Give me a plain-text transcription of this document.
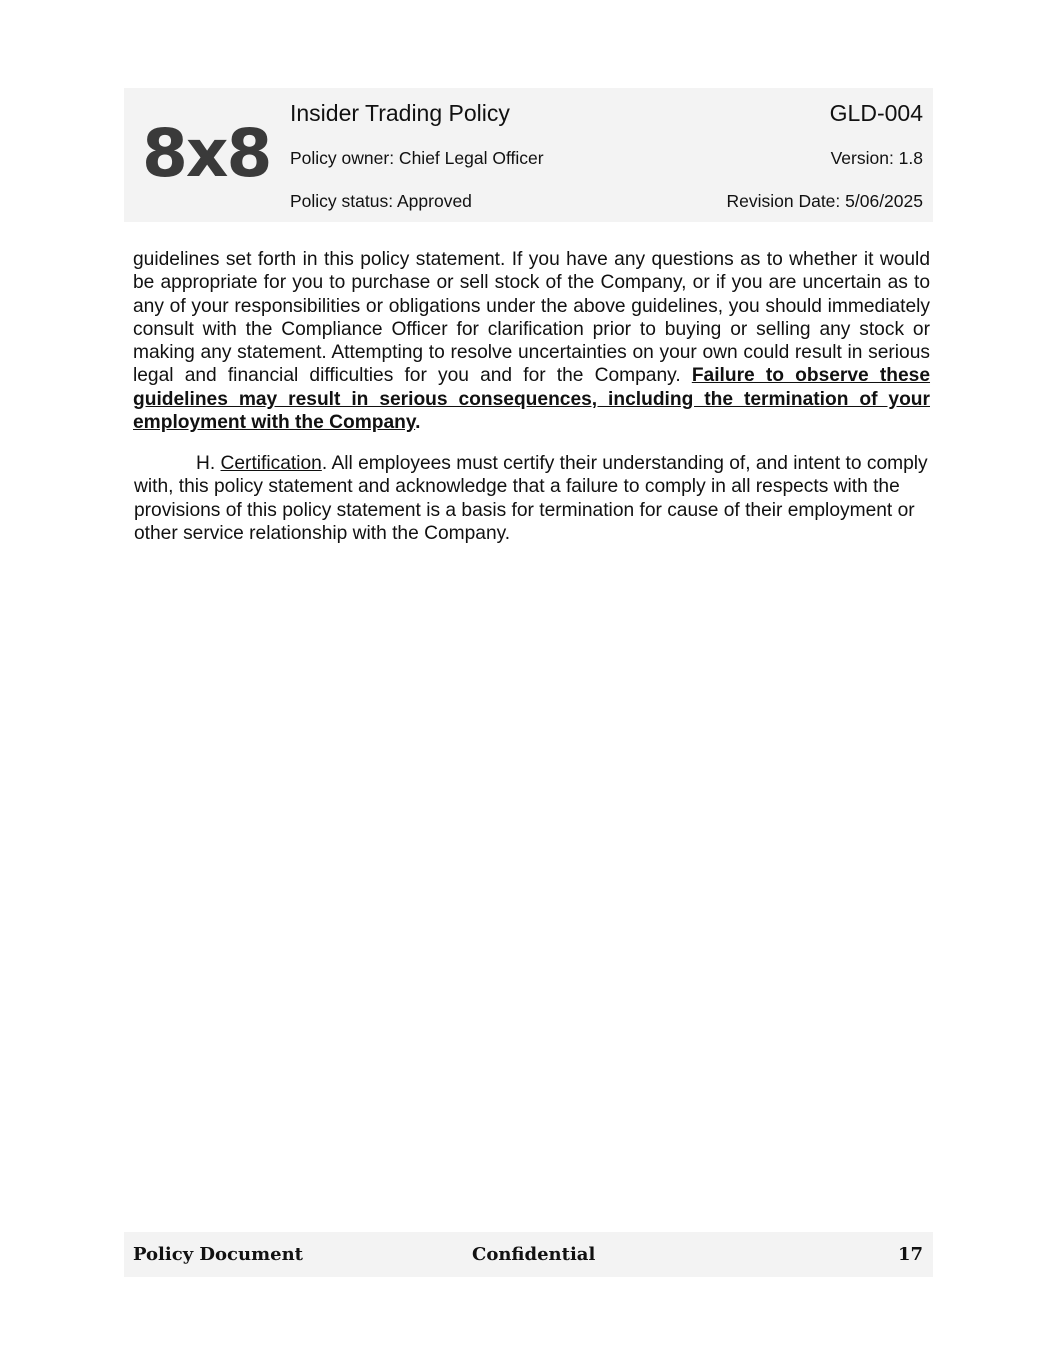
8x8
Insider Trading Policy	GLD-004
Policy owner: Chief Legal Officer	Version: 1.8
Policy status: Approved	Revision Date: 5/06/2025
guidelines set forth in this policy statement. If you have any questions as to whether it would be appropriate for you to purchase or sell stock of the Company, or if you are uncertain as to any of your responsibilities or obligations under the above guidelines, you should immediately consult with the Compliance Officer for clarification prior to buying or selling any stock or making any statement. Attempting to resolve uncertainties on your own could result in serious legal and financial difficulties for you and for the Company. Failure to observe these guidelines may result in serious consequences, including the termination of your employment with the Company.
H. Certification. All employees must certify their understanding of, and intent to comply with, this policy statement and acknowledge that a failure to comply in all respects with the provisions of this policy statement is a basis for termination for cause of their employment or other service relationship with the Company.
Policy Document	Confidential	17
